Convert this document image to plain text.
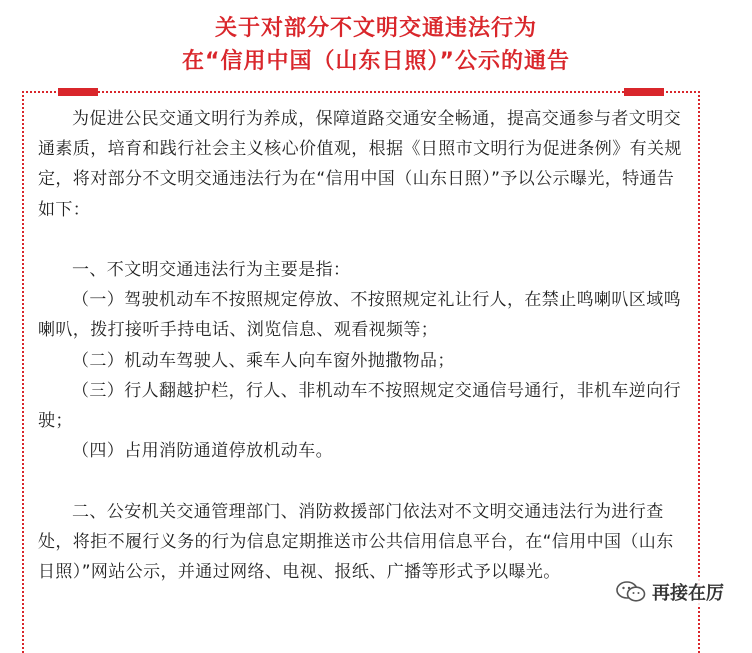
关于对部分不文明交通违法行为
在“信用中国（山东日照）”公示的通告

为促进公民交通文明行为养成，保障道路交通安全畅通，提高交通参与者文明交通素质，培育和践行社会主义核心价值观，根据《日照市文明行为促进条例》有关规定，将对部分不文明交通违法行为在“信用中国（山东日照）”予以公示曝光，特通告如下：

一、不文明交通违法行为主要是指：

（一）驾驶机动车不按照规定停放、不按照规定礼让行人，在禁止鸣喇叭区域鸣喇叭，拨打接听手持电话、浏览信息、观看视频等；

（二）机动车驾驶人、乘车人向车窗外抛撒物品；

（三）行人翻越护栏，行人、非机动车不按照规定交通信号通行，非机车逆向行驶；

（四）占用消防通道停放机动车。

二、公安机关交通管理部门、消防救援部门依法对不文明交通违法行为进行查处，将拒不履行义务的行为信息定期推送市公共信用信息平台，在“信用中国（山东日照）”网站公示，并通过网络、电视、报纸、广播等形式予以曝光。

再接在厉
